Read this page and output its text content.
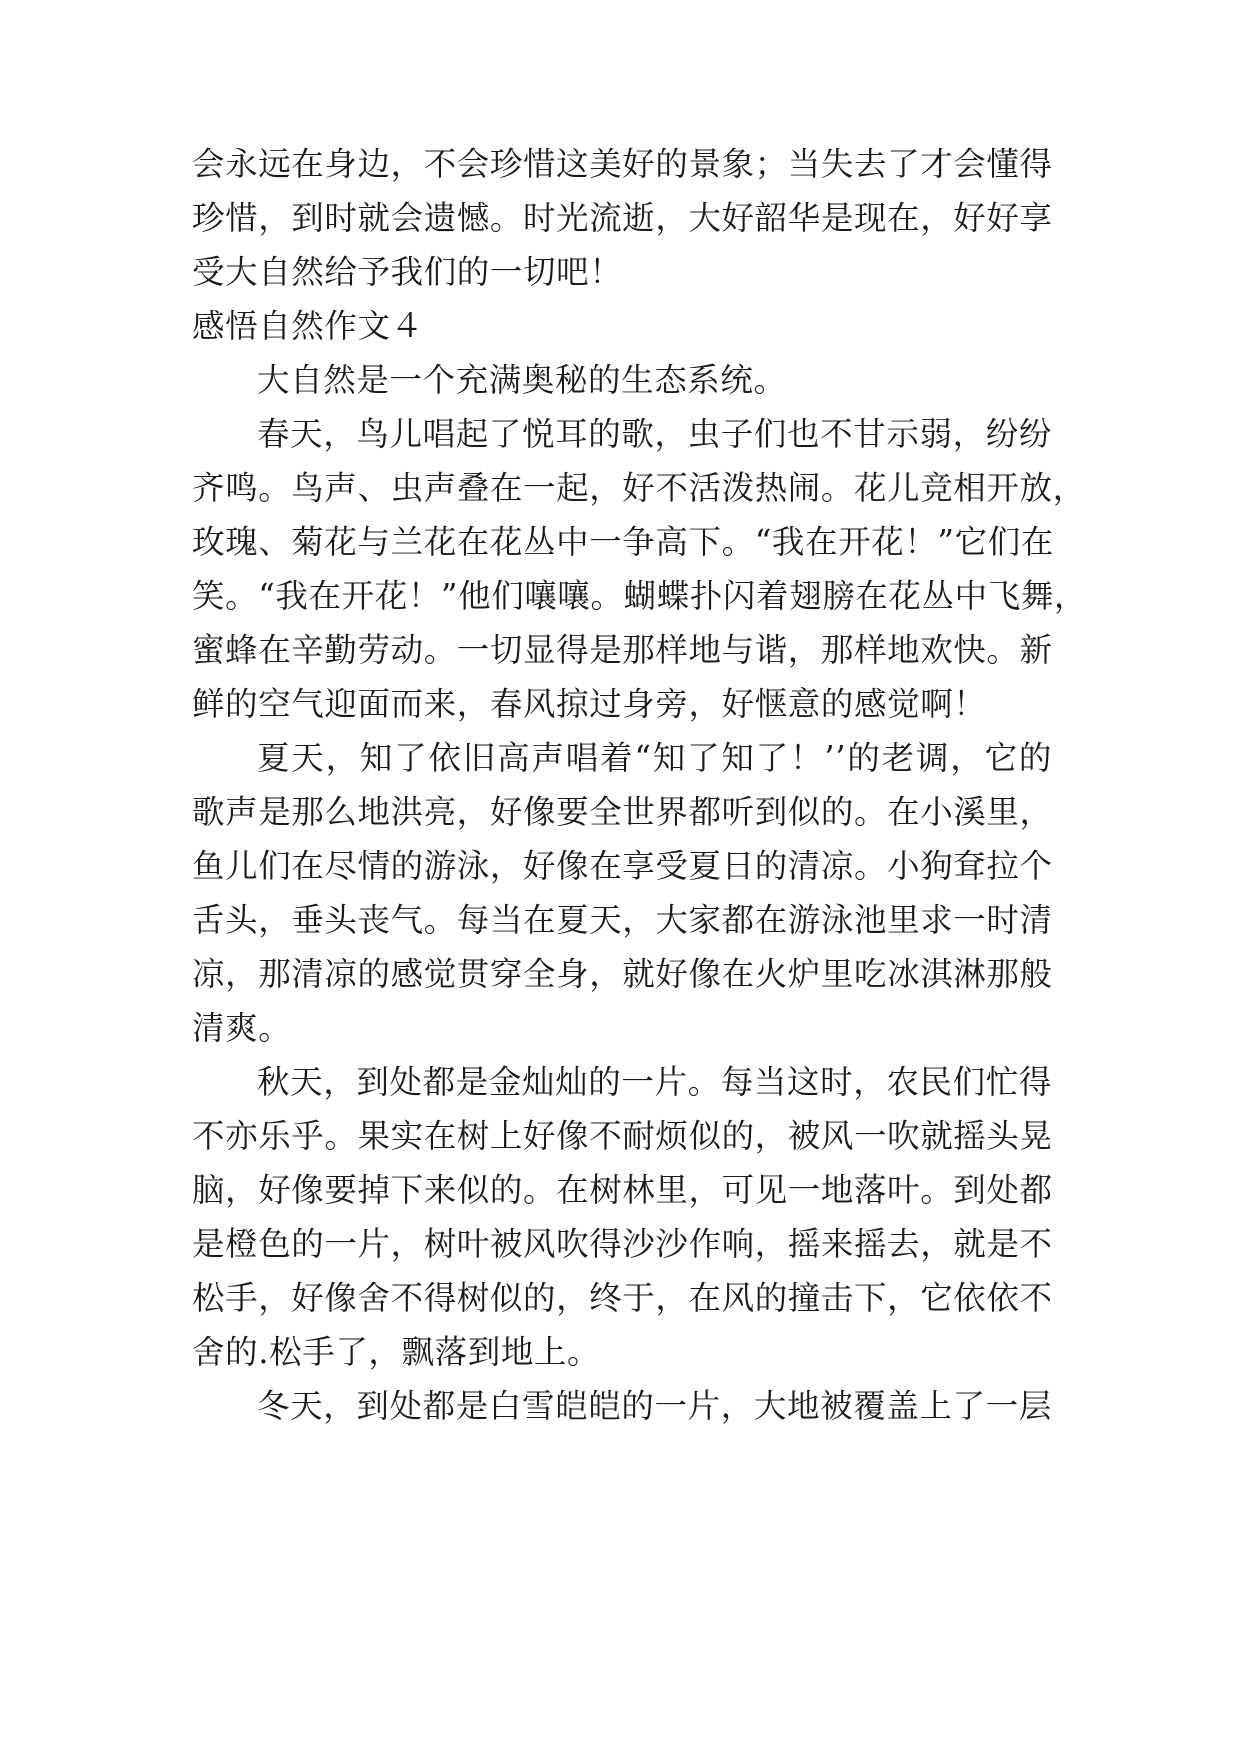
会永远在身边，不会珍惜这美好的景象；当失去了才会懂得
珍惜，到时就会遗憾。时光流逝，大好韶华是现在，好好享
受大自然给予我们的一切吧！
感悟自然作文４
大自然是一个充满奥秘的生态系统。
春天，鸟儿唱起了悦耳的歌，虫子们也不甘示弱，纷纷
齐鸣。鸟声、虫声叠在一起，好不活泼热闹。花儿竞相开放，
玫瑰、菊花与兰花在花丛中一争高下。“我在开花！”它们在
笑。“我在开花！”他们嚷嚷。蝴蝶扑闪着翅膀在花丛中飞舞，
蜜蜂在辛勤劳动。一切显得是那样地与谐，那样地欢快。新
鲜的空气迎面而来，春风掠过身旁，好惬意的感觉啊！
夏天，知了依旧高声唱着“知了知了！’’的老调，它的
歌声是那么地洪亮，好像要全世界都听到似的。在小溪里，
鱼儿们在尽情的游泳，好像在享受夏日的清凉。小狗耷拉个
舌头，垂头丧气。每当在夏天，大家都在游泳池里求一时清
凉，那清凉的感觉贯穿全身，就好像在火炉里吃冰淇淋那般
清爽。
秋天，到处都是金灿灿的一片。每当这时，农民们忙得
不亦乐乎。果实在树上好像不耐烦似的，被风一吹就摇头晃
脑，好像要掉下来似的。在树林里，可见一地落叶。到处都
是橙色的一片，树叶被风吹得沙沙作响，摇来摇去，就是不
松手，好像舍不得树似的，终于，在风的撞击下，它依依不
舍的.松手了，飘落到地上。
冬天，到处都是白雪皑皑的一片，大地被覆盖上了一层
